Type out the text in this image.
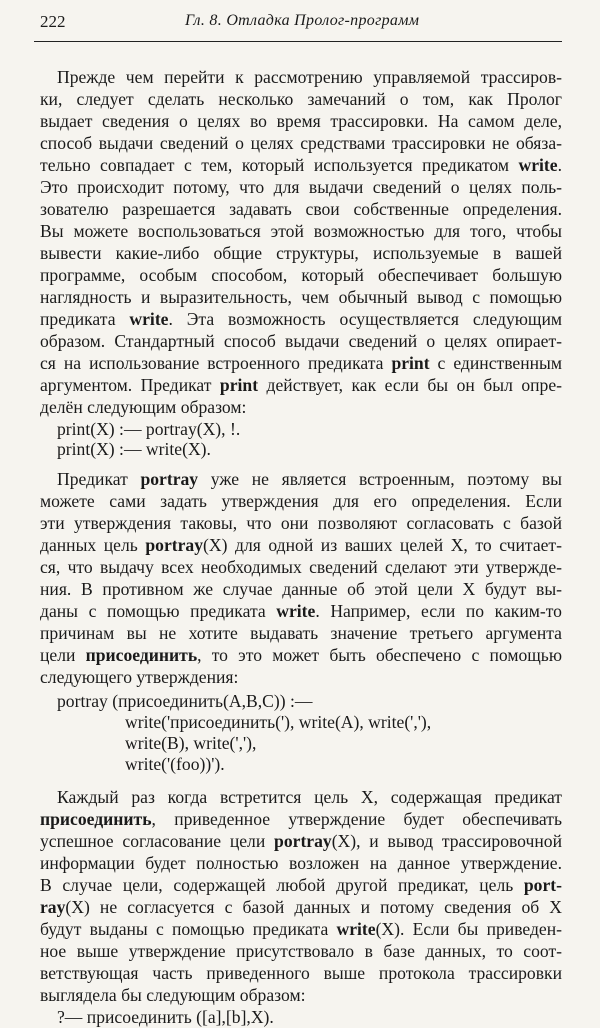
222	Гл. 8. Отладка Пролог-программ
Прежде чем перейти к рассмотрению управляемой трассиров-
ки, следует сделать несколько замечаний о том, как Пролог
выдает сведения о целях во время трассировки. На самом деле,
способ выдачи сведений о целях средствами трассировки не обяза-
тельно совпадает с тем, который используется предикатом write.
Это происходит потому, что для выдачи сведений о целях поль-
зователю разрешается задавать свои собственные определения.
Вы можете воспользоваться этой возможностью для того, чтобы
вывести какие-либо общие структуры, используемые в вашей
программе, особым способом, который обеспечивает большую
наглядность и выразительность, чем обычный вывод с помощью
предиката write. Эта возможность осуществляется следующим
образом. Стандартный способ выдачи сведений о целях опирает-
ся на использование встроенного предиката print с единственным
аргументом. Предикат print действует, как если бы он был опре-
делён следующим образом:
print(X) :— portray(X), !.
print(X) :— write(X).
Предикат portray уже не является встроенным, поэтому вы
можете сами задать утверждения для его определения. Если
эти утверждения таковы, что они позволяют согласовать с базой
данных цель portray(X) для одной из ваших целей X, то считает-
ся, что выдачу всех необходимых сведений сделают эти утвержде-
ния. В противном же случае данные об этой цели X будут вы-
даны с помощью предиката write. Например, если по каким-то
причинам вы не хотите выдавать значение третьего аргумента
цели присоединить, то это может быть обеспечено с помощью
следующего утверждения:
portray (присоединить(A,B,C)) :—
write('присоединить('), write(A), write(','),
write(B), write(','),
write('(foo))').
Каждый раз когда встретится цель X, содержащая предикат
присоединить, приведенное утверждение будет обеспечивать
успешное согласование цели portray(X), и вывод трассировочной
информации будет полностью возложен на данное утверждение.
В случае цели, содержащей любой другой предикат, цель port-
ray(X) не согласуется с базой данных и потому сведения об X
будут выданы с помощью предиката write(X). Если бы приведен-
ное выше утверждение присутствовало в базе данных, то соот-
ветствующая часть приведенного выше протокола трассировки
выглядела бы следующим образом:
?— присоединить ([a],[b],X).
